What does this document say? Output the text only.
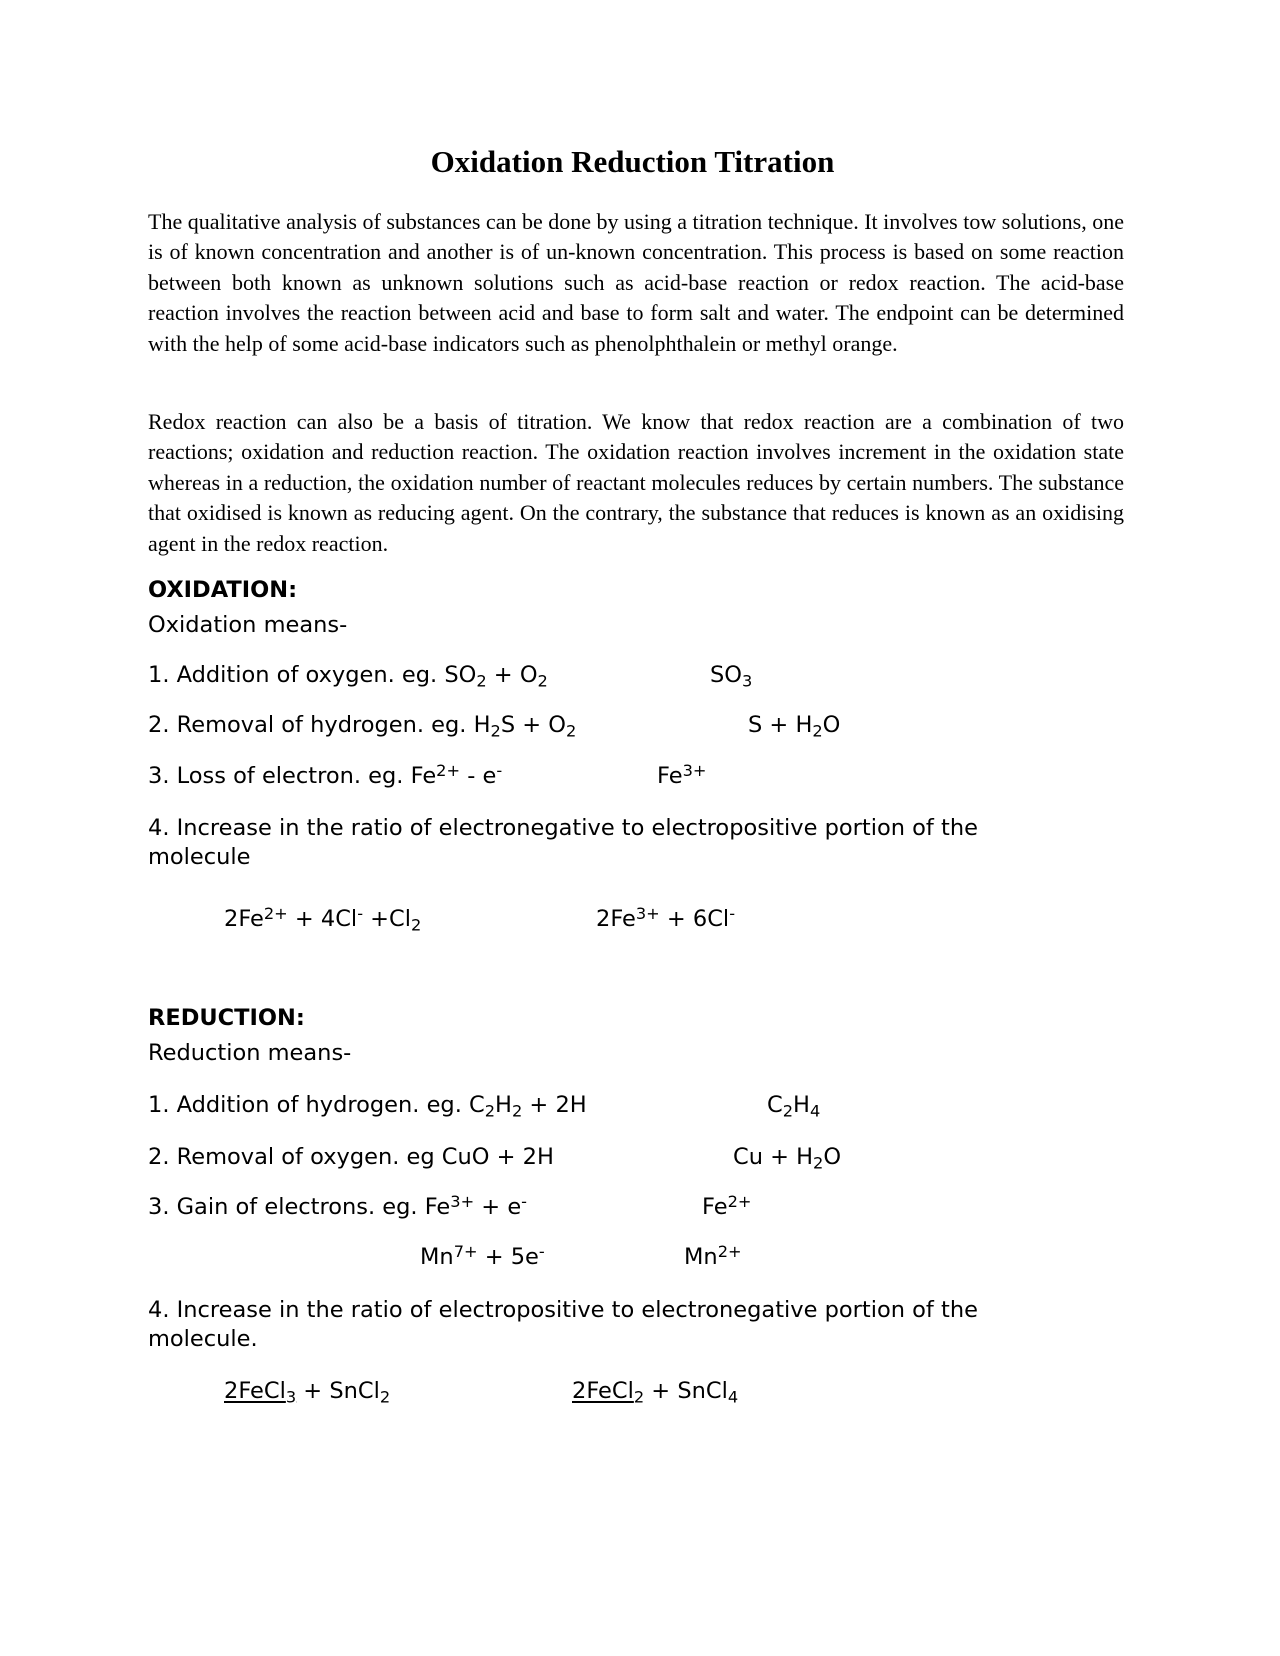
Oxidation Reduction Titration

The qualitative analysis of substances can be done by using a titration technique. It involves tow solutions, one is of known concentration and another is of un-known concentration. This process is based on some reaction between both known as unknown solutions such as acid-base reaction or redox reaction. The acid-base reaction involves the reaction between acid and base to form salt and water. The endpoint can be determined with the help of some acid-base indicators such as phenolphthalein or methyl orange.

Redox reaction can also be a basis of titration. We know that redox reaction are a combination of two reactions; oxidation and reduction reaction. The oxidation reaction involves increment in the oxidation state whereas in a reduction, the oxidation number of reactant molecules reduces by certain numbers. The substance that oxidised is known as reducing agent. On the contrary, the substance that reduces is known as an oxidising agent in the redox reaction.

OXIDATION:
Oxidation means-
1. Addition of oxygen. eg. $SO_2 + O_2$	$SO_3$
2. Removal of hydrogen. eg. $H_2S + O_2$	$S + H_2O$
3. Loss of electron. eg. $Fe^{2+} - e^-$	$Fe^{3+}$
4. Increase in the ratio of electronegative to electropositive portion of the
molecule
$2Fe^{2+} + 4Cl^- +Cl_2$	$2Fe^{3+} + 6Cl^-$
REDUCTION:
Reduction means-
1. Addition of hydrogen. eg. $C_2H_2 + 2H$	$C_2H_4$
2. Removal of oxygen. eg CuO + 2H	$Cu + H_2O$
3. Gain of electrons. eg. $Fe^{3+} + e^-$	$Fe^{2+}$
$Mn^{7+} + 5e^-$	$Mn^{2+}$
4. Increase in the ratio of electropositive to electronegative portion of the
molecule.
2FeCl$_3$ + SnCl$_2$	2FeCl$_2$ + SnCl$_4$
